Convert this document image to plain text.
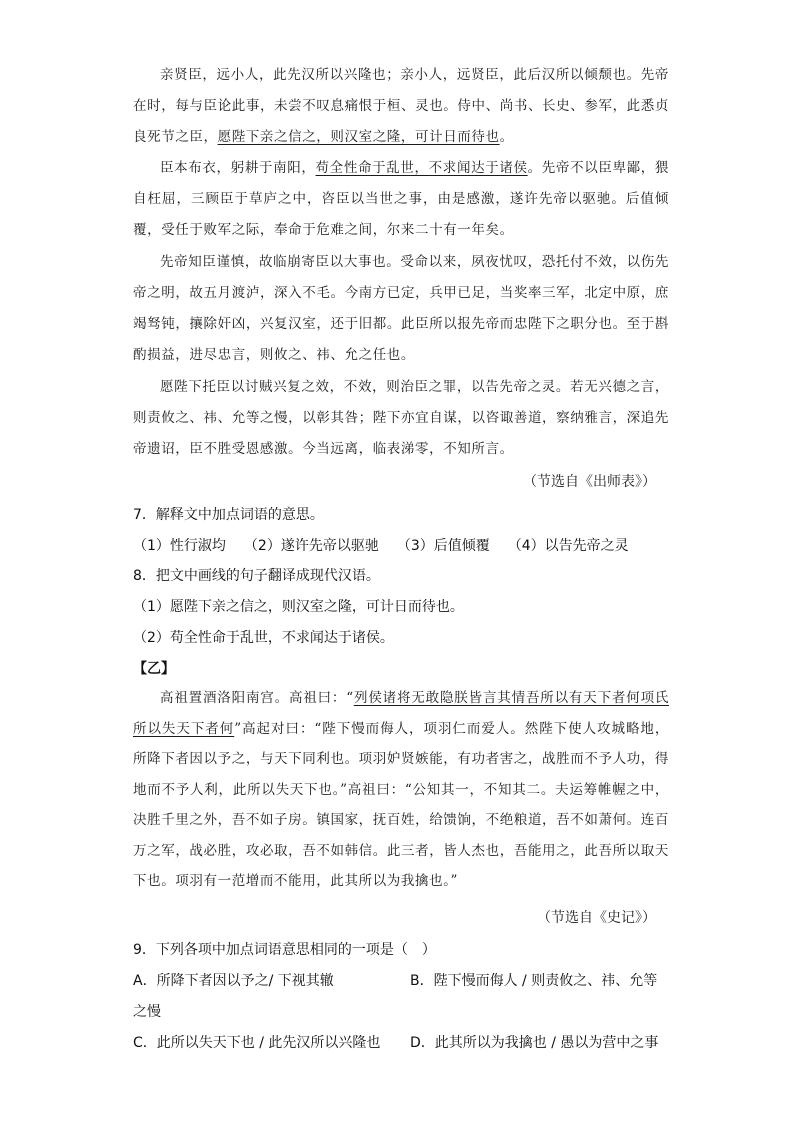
亲贤臣，远小人，此先汉所以兴隆也；亲小人，远贤臣，此后汉所以倾颓也。先帝在时，每与臣论此事，未尝不叹息痛恨于桓、灵也。侍中、尚书、长史、参军，此悉贞良死节之臣，愿陛下亲之信之，则汉室之隆，可计日而待也。
臣本布衣，躬耕于南阳，苟全性命于乱世，不求闻达于诸侯。先帝不以臣卑鄙，猥自枉屈，三顾臣于草庐之中，咨臣以当世之事，由是感激，遂许先帝以驱驰。后值倾覆，受任于败军之际，奉命于危难之间，尔来二十有一年矣。
先帝知臣谨慎，故临崩寄臣以大事也。受命以来，夙夜忧叹，恐托付不效，以伤先帝之明，故五月渡泸，深入不毛。今南方已定，兵甲已足，当奖率三军，北定中原，庶竭驽钝，攘除奸凶，兴复汉室，还于旧都。此臣所以报先帝而忠陛下之职分也。至于斟酌损益，进尽忠言，则攸之、祎、允之任也。
愿陛下托臣以讨贼兴复之效，不效，则治臣之罪，以告先帝之灵。若无兴德之言，则责攸之、祎、允等之慢，以彰其咎；陛下亦宜自谋，以咨诹善道，察纳雅言，深追先帝遗诏，臣不胜受恩感激。今当远离，临表涕零，不知所言。
（节选自《出师表》）
7．解释文中加点词语的意思。
（1）性行淑均 （2）遂许先帝以驱驰 （3）后值倾覆 （4）以告先帝之灵
8．把文中画线的句子翻译成现代汉语。
（1）愿陛下亲之信之，则汉室之隆，可计日而待也。
（2）苟全性命于乱世，不求闻达于诸侯。
【乙】
高祖置酒洛阳南宫。高祖曰：“列侯诸将无敢隐朕皆言其情吾所以有天下者何项氏所以失天下者何”高起对曰：“陛下慢而侮人，项羽仁而爱人。然陛下使人攻城略地，所降下者因以予之，与天下同利也。项羽妒贤嫉能，有功者害之，战胜而不予人功，得地而不予人利，此所以失天下也。”高祖曰：“公知其一，不知其二。夫运筹帷幄之中，决胜千里之外，吾不如子房。镇国家，抚百姓，给馈饷，不绝粮道，吾不如萧何。连百万之军，战必胜，攻必取，吾不如韩信。此三者，皆人杰也，吾能用之，此吾所以取天下也。项羽有一范增而不能用，此其所以为我擒也。”
（节选自《史记》）
9．下列各项中加点词语意思相同的一项是（　）
A．所降下者因以予之/ 下视其辙	B．陛下慢而侮人 / 则责攸之、祎、允等
之慢
C．此所以失天下也 / 此先汉所以兴隆也 D．此其所以为我擒也 / 愚以为营中之事
